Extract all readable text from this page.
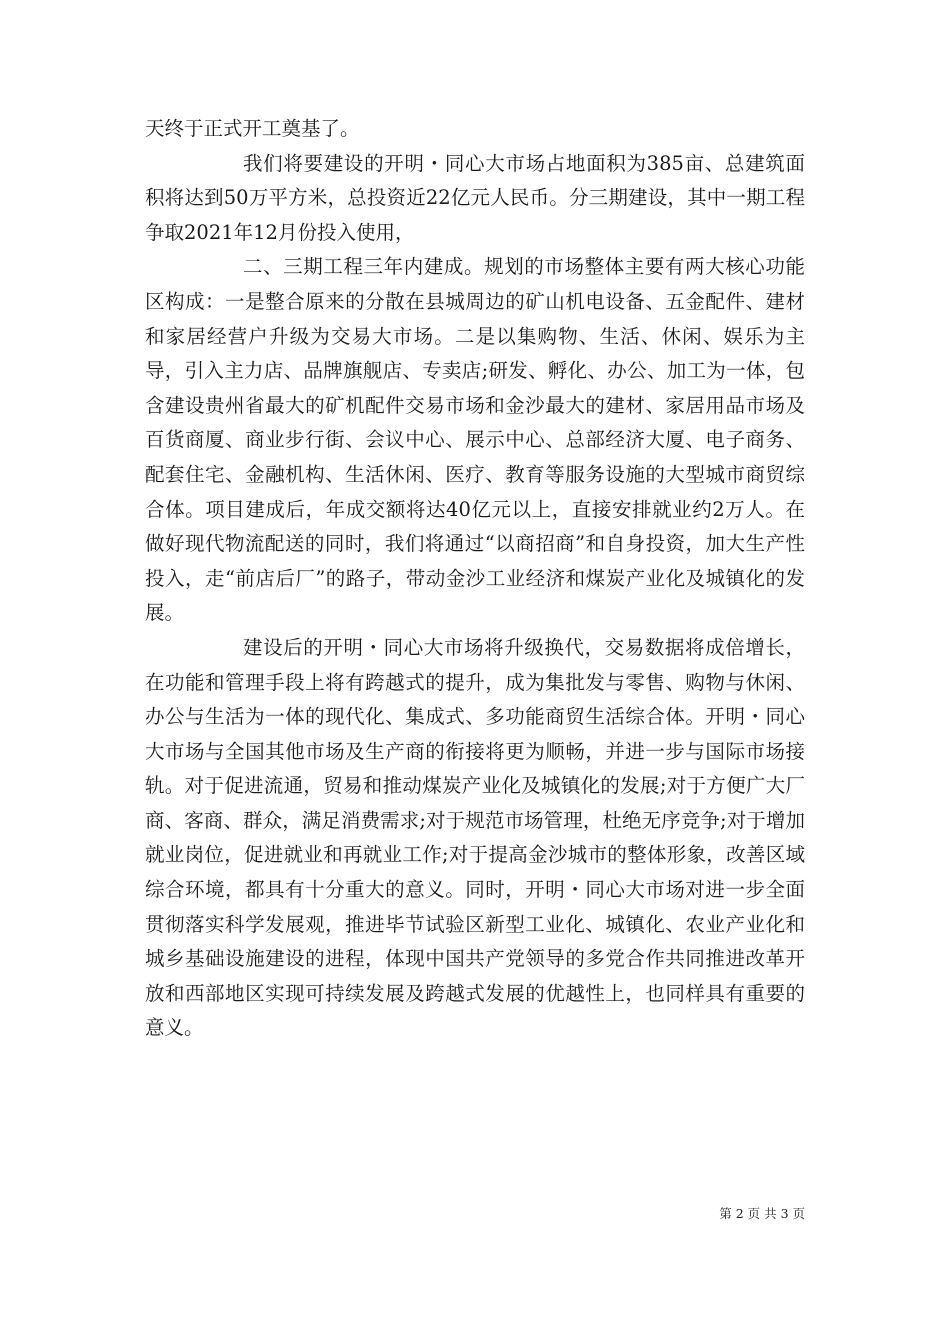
天终于正式开工奠基了。

我们将要建设的开明・同心大市场占地面积为385亩、总建筑面积将达到50万平方米，总投资近22亿元人民币。分三期建设，其中一期工程争取2021年12月份投入使用，

二、三期工程三年内建成。规划的市场整体主要有两大核心功能区构成：一是整合原来的分散在县城周边的矿山机电设备、五金配件、建材和家居经营户升级为交易大市场。二是以集购物、生活、休闲、娱乐为主导，引入主力店、品牌旗舰店、专卖店;研发、孵化、办公、加工为一体，包含建设贵州省最大的矿机配件交易市场和金沙最大的建材、家居用品市场及百货商厦、商业步行街、会议中心、展示中心、总部经济大厦、电子商务、配套住宅、金融机构、生活休闲、医疗、教育等服务设施的大型城市商贸综合体。项目建成后，年成交额将达40亿元以上，直接安排就业约2万人。在做好现代物流配送的同时，我们将通过“以商招商”和自身投资，加大生产性投入，走“前店后厂”的路子，带动金沙工业经济和煤炭产业化及城镇化的发展。

建设后的开明・同心大市场将升级换代，交易数据将成倍增长，在功能和管理手段上将有跨越式的提升，成为集批发与零售、购物与休闲、办公与生活为一体的现代化、集成式、多功能商贸生活综合体。开明・同心大市场与全国其他市场及生产商的衔接将更为顺畅，并进一步与国际市场接轨。对于促进流通，贸易和推动煤炭产业化及城镇化的发展;对于方便广大厂商、客商、群众，满足消费需求;对于规范市场管理，杜绝无序竞争;对于增加就业岗位，促进就业和再就业工作;对于提高金沙城市的整体形象，改善区域综合环境，都具有十分重大的意义。同时，开明・同心大市场对进一步全面贯彻落实科学发展观，推进毕节试验区新型工业化、城镇化、农业产业化和城乡基础设施建设的进程，体现中国共产党领导的多党合作共同推进改革开放和西部地区实现可持续发展及跨越式发展的优越性上，也同样具有重要的意义。

第 2 页 共 3 页
